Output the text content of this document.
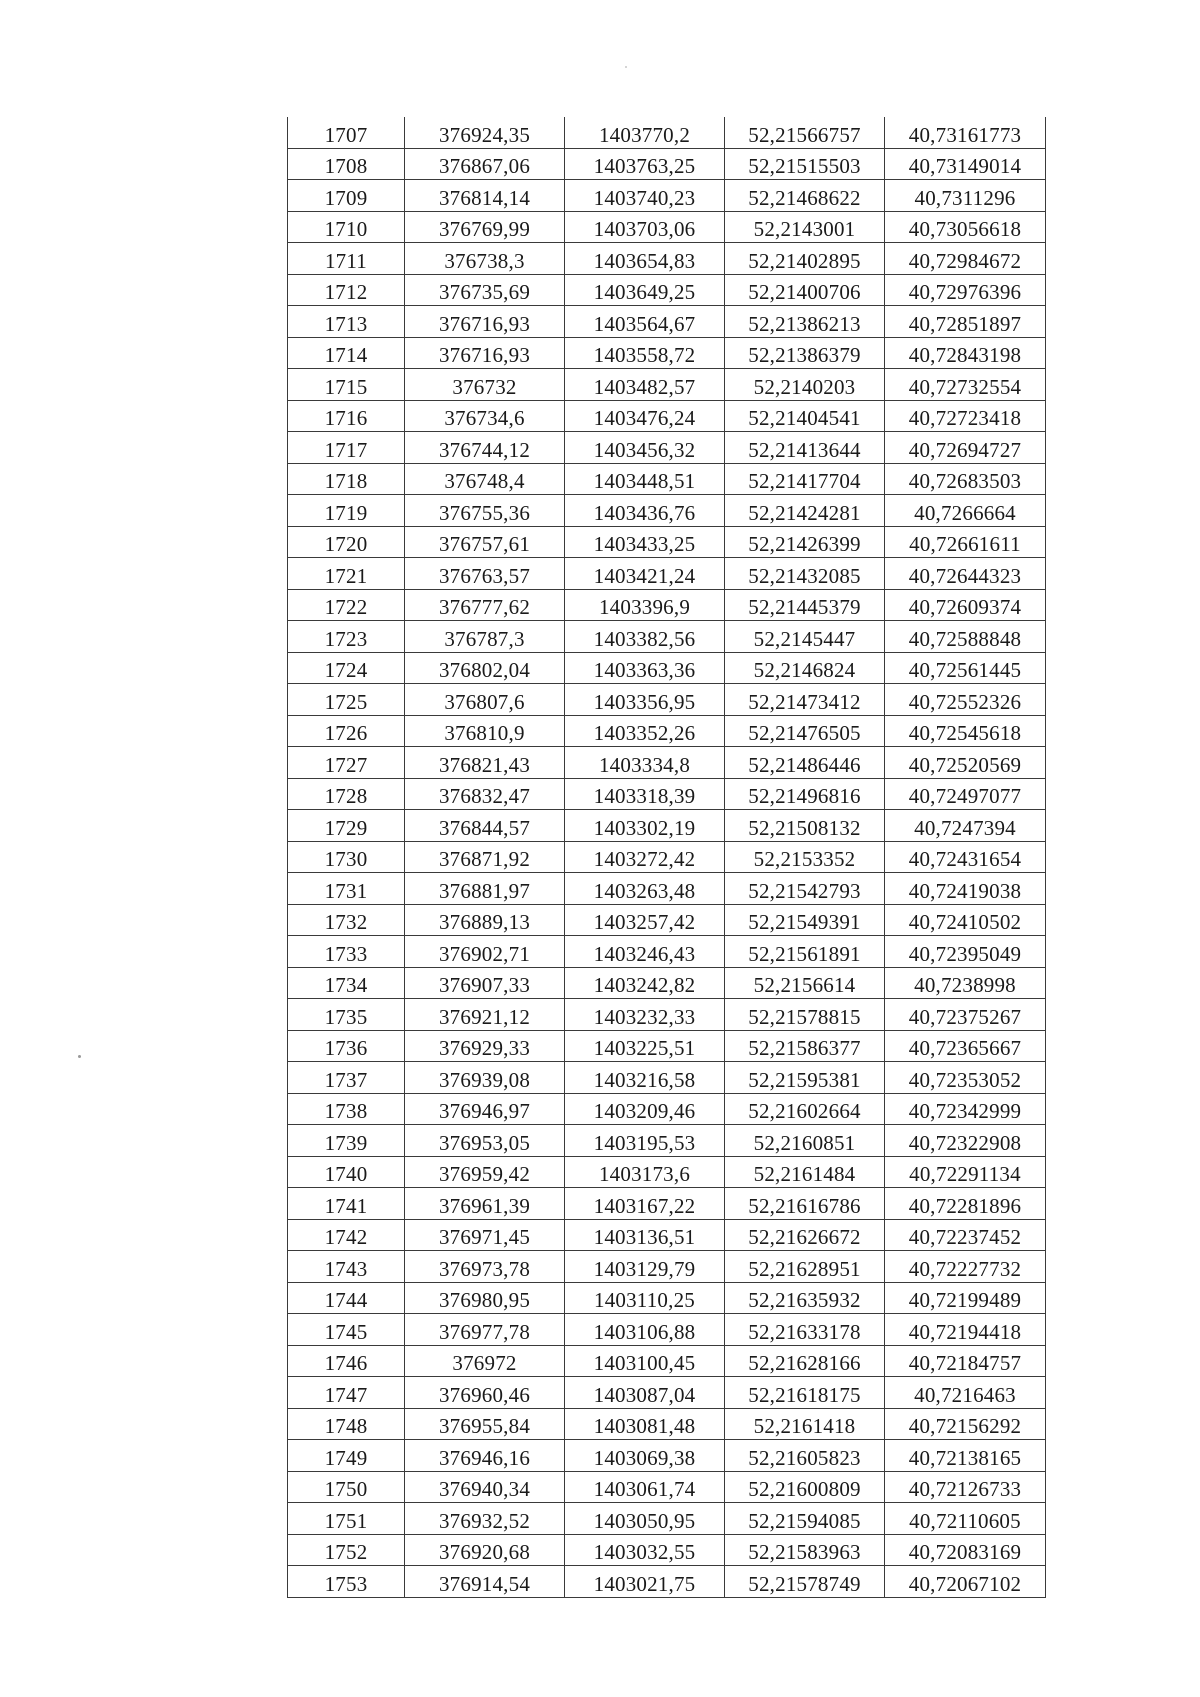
1707	376924,35	1403770,2	52,21566757	40,73161773
1708	376867,06	1403763,25	52,21515503	40,73149014
1709	376814,14	1403740,23	52,21468622	40,7311296
1710	376769,99	1403703,06	52,2143001	40,73056618
1711	376738,3	1403654,83	52,21402895	40,72984672
1712	376735,69	1403649,25	52,21400706	40,72976396
1713	376716,93	1403564,67	52,21386213	40,72851897
1714	376716,93	1403558,72	52,21386379	40,72843198
1715	376732	1403482,57	52,2140203	40,72732554
1716	376734,6	1403476,24	52,21404541	40,72723418
1717	376744,12	1403456,32	52,21413644	40,72694727
1718	376748,4	1403448,51	52,21417704	40,72683503
1719	376755,36	1403436,76	52,21424281	40,7266664
1720	376757,61	1403433,25	52,21426399	40,72661611
1721	376763,57	1403421,24	52,21432085	40,72644323
1722	376777,62	1403396,9	52,21445379	40,72609374
1723	376787,3	1403382,56	52,2145447	40,72588848
1724	376802,04	1403363,36	52,2146824	40,72561445
1725	376807,6	1403356,95	52,21473412	40,72552326
1726	376810,9	1403352,26	52,21476505	40,72545618
1727	376821,43	1403334,8	52,21486446	40,72520569
1728	376832,47	1403318,39	52,21496816	40,72497077
1729	376844,57	1403302,19	52,21508132	40,7247394
1730	376871,92	1403272,42	52,2153352	40,72431654
1731	376881,97	1403263,48	52,21542793	40,72419038
1732	376889,13	1403257,42	52,21549391	40,72410502
1733	376902,71	1403246,43	52,21561891	40,72395049
1734	376907,33	1403242,82	52,2156614	40,7238998
1735	376921,12	1403232,33	52,21578815	40,72375267
1736	376929,33	1403225,51	52,21586377	40,72365667
1737	376939,08	1403216,58	52,21595381	40,72353052
1738	376946,97	1403209,46	52,21602664	40,72342999
1739	376953,05	1403195,53	52,2160851	40,72322908
1740	376959,42	1403173,6	52,2161484	40,72291134
1741	376961,39	1403167,22	52,21616786	40,72281896
1742	376971,45	1403136,51	52,21626672	40,72237452
1743	376973,78	1403129,79	52,21628951	40,72227732
1744	376980,95	1403110,25	52,21635932	40,72199489
1745	376977,78	1403106,88	52,21633178	40,72194418
1746	376972	1403100,45	52,21628166	40,72184757
1747	376960,46	1403087,04	52,21618175	40,7216463
1748	376955,84	1403081,48	52,2161418	40,72156292
1749	376946,16	1403069,38	52,21605823	40,72138165
1750	376940,34	1403061,74	52,21600809	40,72126733
1751	376932,52	1403050,95	52,21594085	40,72110605
1752	376920,68	1403032,55	52,21583963	40,72083169
1753	376914,54	1403021,75	52,21578749	40,72067102
